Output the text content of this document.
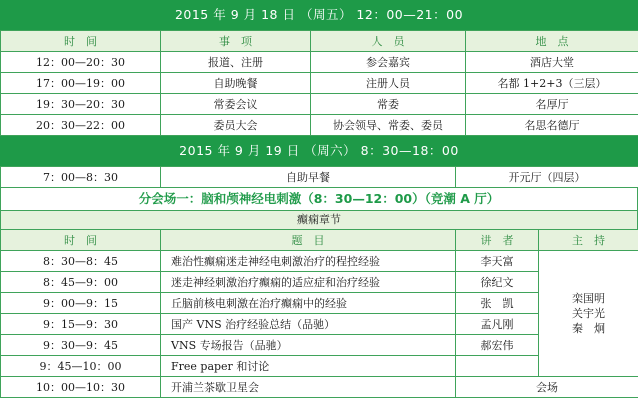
2015 年 9 月 18 日 （周五） 12：00—21：00
时　间	事　项	人　员	地　点
12：00—20：30	报道、注册	参会嘉宾	酒店大堂
17：00—19：00	自助晚餐	注册人员	名都 1+2+3（三层）
19：30—20：30	常委会议	常委	名厚厅
20：30—22：00	委员大会	协会领导、常委、委员	名思名德厅
2015 年 9 月 19 日 （周六） 8：30—18：00
7：00—8：30	自助早餐	开元厅（四层）
分会场一：脑和颅神经电刺激（8：30—12：00）（竞潮 A 厅）
癫痫章节
时　间	题　目	讲　者	主　持
8：30—8：45	难治性癫痫迷走神经电刺激治疗的程控经验	李天富	栾国明
关宇光
秦　炯

8：45—9：00	迷走神经刺激治疗癫痫的适应症和治疗经验	徐纪文	
9：00—9：15	丘脑前核电刺激在治疗癫痫中的经验	张　凯	
9：15—9：30	国产 VNS 治疗经验总结（品驰）	孟凡刚	
9：30—9：45	VNS 专场报告（品驰）	郝宏伟	
9：45—10：00	Free paper 和讨论		
10：00—10：30	开浦兰茶歇卫星会	会场	
